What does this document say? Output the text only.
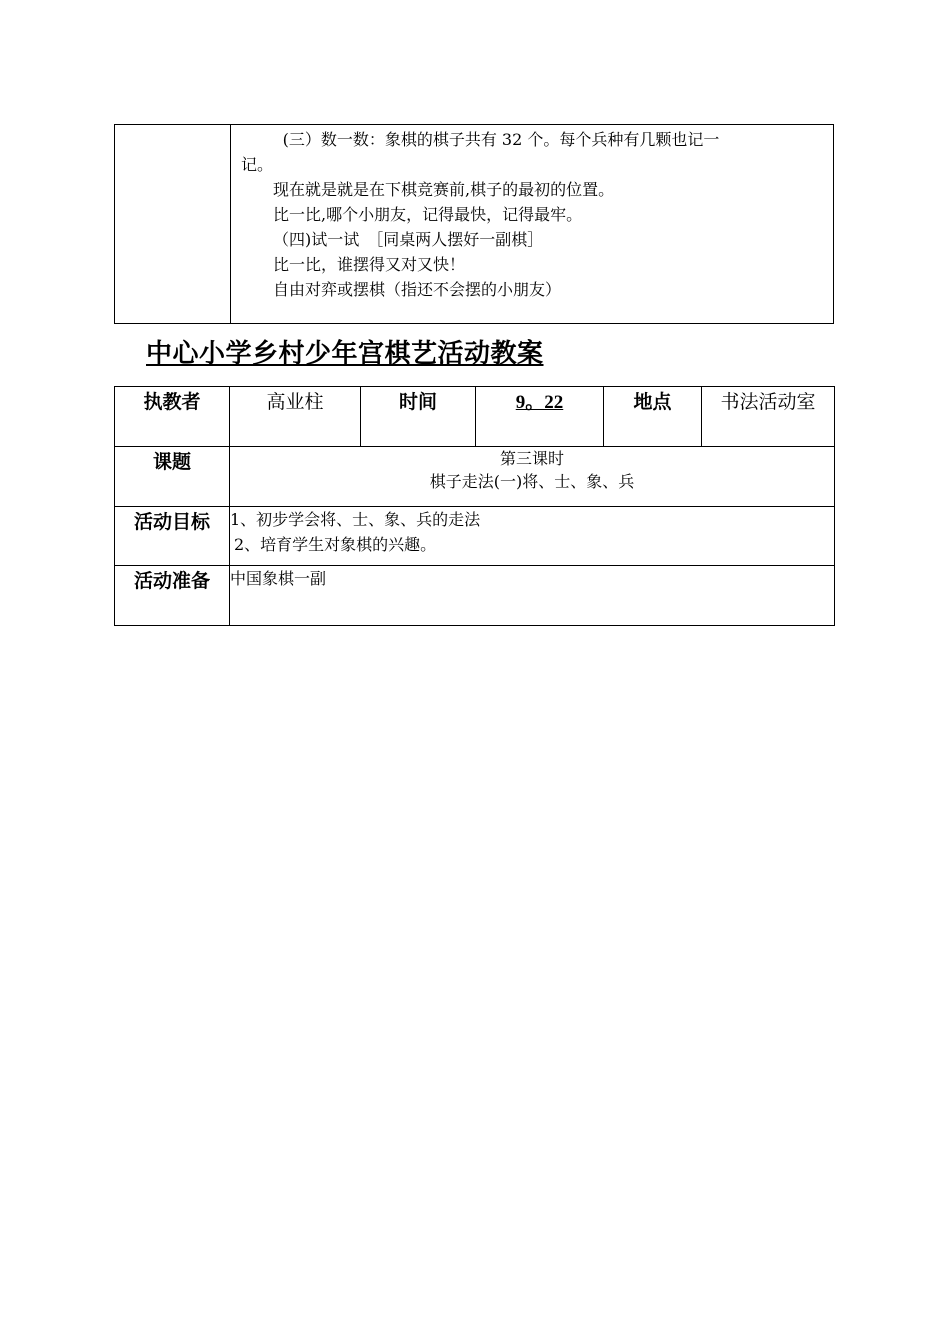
(三）数一数：象棋的棋子共有 32 个。每个兵种有几颗也记一

记。

现在就是就是在下棋竞赛前,棋子的最初的位置。

比一比,哪个小朋友，记得最快，记得最牢。

（四)试一试　［同桌两人摆好一副棋］

比一比，谁摆得又对又快！

自由对弈或摆棋（指还不会摆的小朋友）

中心小学乡村少年宫棋艺活动教案
执教者	高业柱	时间	9。22	地点	书法活动室
课题	第三课时
棋子走法(一)将、士、象、兵				

活动目标	1、初步学会将、士、象、兵的走法
2、培育学生对象棋的兴趣。				

活动准备	中国象棋一副				
